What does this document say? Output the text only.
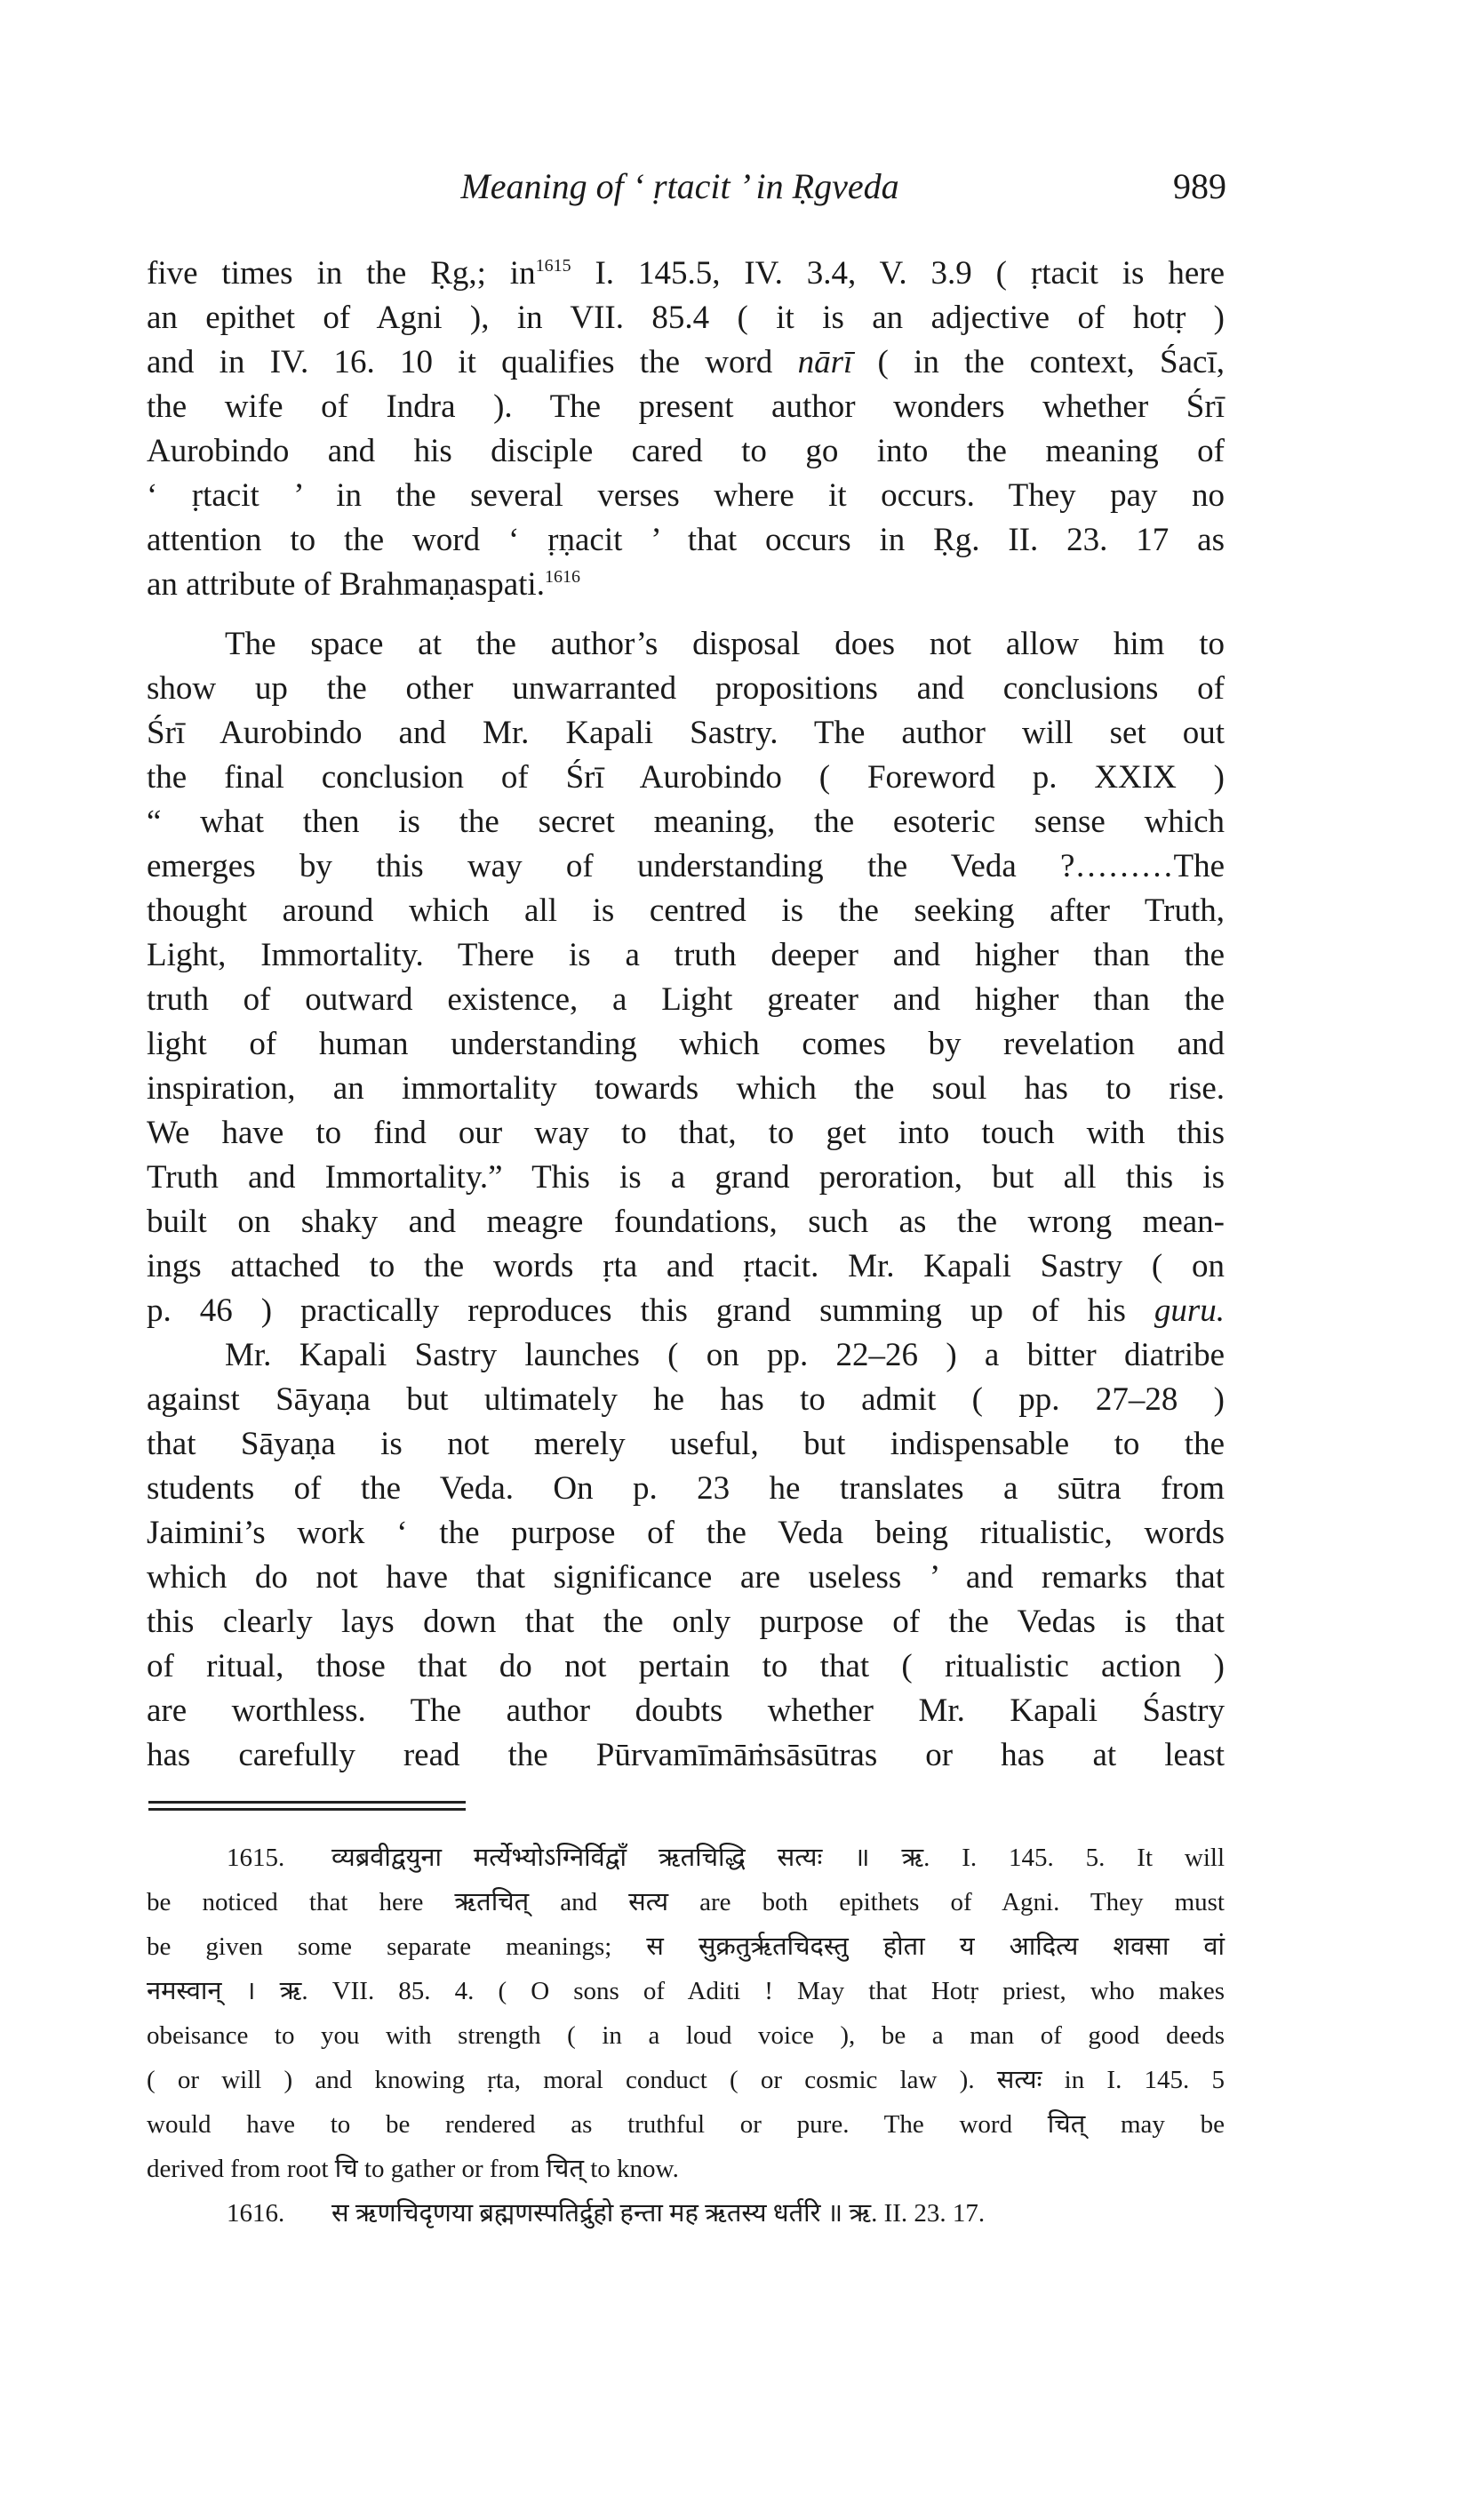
Meaning of ‘ ṛtacit ’ in Ṛgveda	989
five times in the Ṛg,; $in^{1615}$ I. 145.5, IV. 3.4, V. 3.9 ( ṛtacit is here
an epithet of Agni ), in VII. 85.4 ( it is an adjective of hotṛ )
and in IV. 16. 10 it qualifies the word nārī ( in the context, Śacī,
the wife of Indra ). The present author wonders whether Śrī
Aurobindo and his disciple cared to go into the meaning of
‘ ṛtacit ’ in the several verses where it occurs. They pay no
attention to the word ‘ ṛṇacit ’ that occurs in Ṛg. II. 23. 17 as
an attribute of Brahmaṇaspati.$^{1616}$
The space at the author’s disposal does not allow him to
show up the other unwarranted propositions and conclusions of
Śrī Aurobindo and Mr. Kapali Sastry. The author will set out
the final conclusion of Śrī Aurobindo ( Foreword p. XXIX )
“ what then is the secret meaning, the esoteric sense which
emerges by this way of understanding the Veda ?………The
thought around which all is centred is the seeking after Truth,
Light, Immortality. There is a truth deeper and higher than the
truth of outward existence, a Light greater and higher than the
light of human understanding which comes by revelation and
inspiration, an immortality towards which the soul has to rise.
We have to find our way to that, to get into touch with this
Truth and Immortality.” This is a grand peroration, but all this is
built on shaky and meagre foundations, such as the wrong mean-
ings attached to the words ṛta and ṛtacit. Mr. Kapali Sastry ( on
p. 46 ) practically reproduces this grand summing up of his guru.
Mr. Kapali Sastry launches ( on pp. 22–26 ) a bitter diatribe
against Sāyaṇa but ultimately he has to admit ( pp. 27–28 )
that Sāyaṇa is not merely useful, but indispensable to the
students of the Veda. On p. 23 he translates a sūtra from
Jaimini’s work ‘ the purpose of the Veda being ritualistic, words
which do not have that significance are useless ’ and remarks that
this clearly lays down that the only purpose of the Vedas is that
of ritual, those that do not pertain to that ( ritualistic action )
are worthless. The author doubts whether Mr. Kapali Śastry
has carefully read the Pūrvamīmāṁsāsūtras or has at least
1615. व्यब्रवीद्वयुना मर्त्येभ्योऽग्निर्विद्वाँ ऋतचिद्धि सत्यः ॥ ऋ. I. 145. 5. It will
be noticed that here ऋतचित् and सत्य are both epithets of Agni. They must
be given some separate meanings; स सुक्रतुर्ऋतचिदस्तु होता य आदित्य शवसा वां
नमस्वान् । ऋ. VII. 85. 4. ( O sons of Aditi ! May that Hotṛ priest, who makes
obeisance to you with strength ( in a loud voice ), be a man of good deeds
( or will ) and knowing ṛta, moral conduct ( or cosmic law ). सत्यः in I. 145. 5
would have to be rendered as truthful or pure. The word चित् may be
derived from root चि to gather or from चित् to know.
1616. स ऋणचिदृणया ब्रह्मणस्पतिर्द्रुहो हन्ता मह ऋतस्य धर्तरि ॥ ऋ. II. 23. 17.
